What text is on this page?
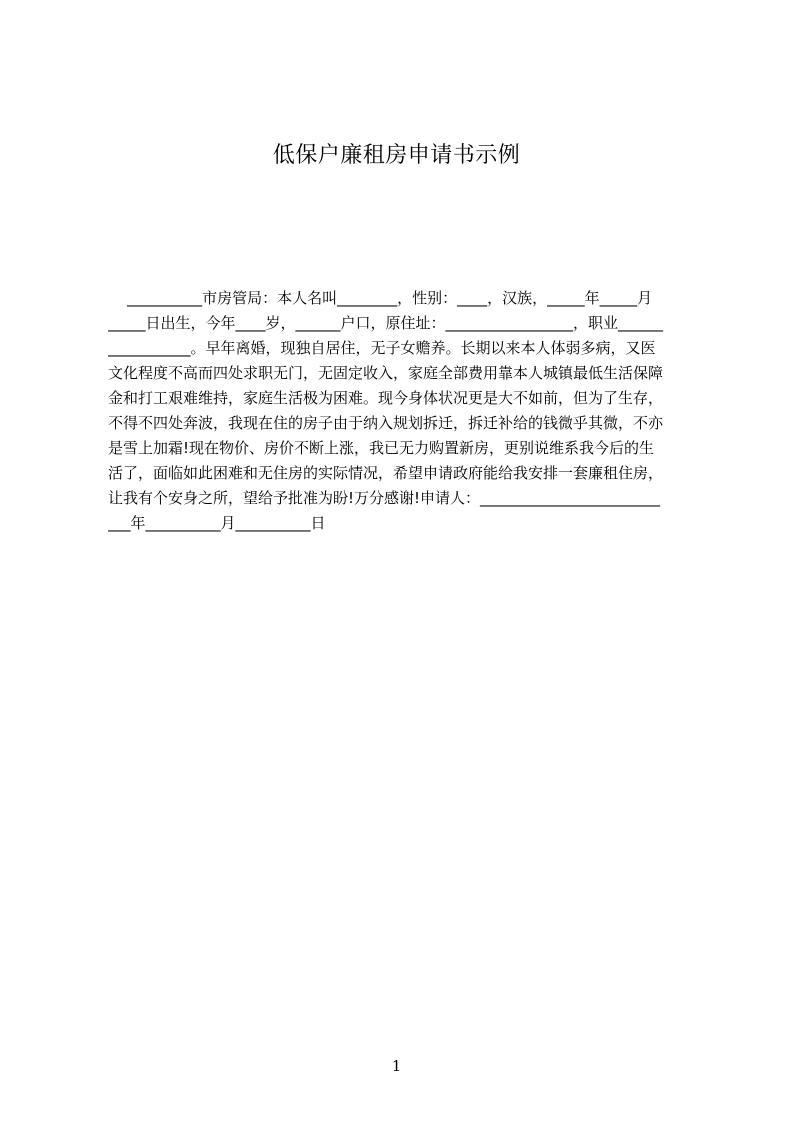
低保户廉租房申请书示例
__________市房管局：本人名叫________，性别：____，汉族，_____年_____月
_____日出生，今年____岁，______户口，原住址：_________________，职业______
___________。早年离婚，现独自居住，无子女赡养。长期以来本人体弱多病，又医
文化程度不高而四处求职无门，无固定收入，家庭全部费用靠本人城镇最低生活保障
金和打工艰难维持，家庭生活极为困难。现今身体状况更是大不如前，但为了生存，
不得不四处奔波，我现在住的房子由于纳入规划拆迁，拆迁补给的钱微乎其微，不亦
是雪上加霜!现在物价、房价不断上涨，我已无力购置新房，更别说维系我今后的生
活了，面临如此困难和无住房的实际情况，希望申请政府能给我安排一套廉租住房，
让我有个安身之所，望给予批准为盼!万分感谢!申请人：________________________
___年__________月__________日
1
